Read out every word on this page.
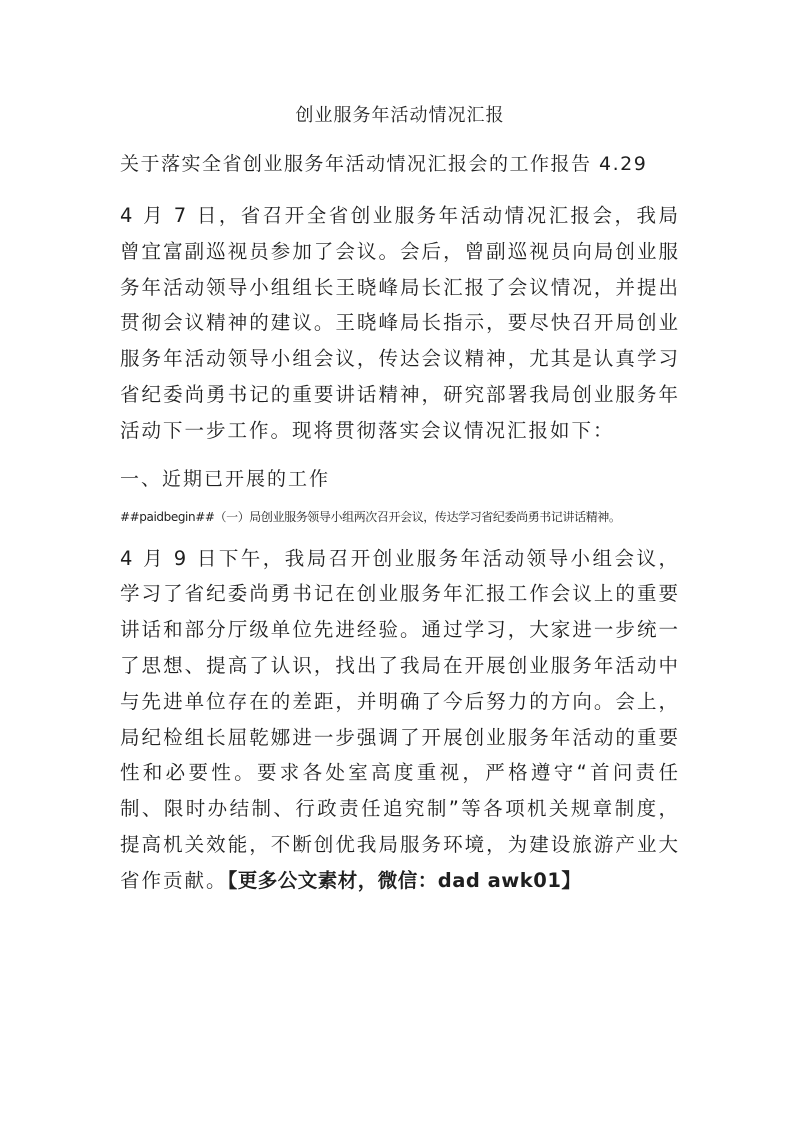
创业服务年活动情况汇报
关于落实全省创业服务年活动情况汇报会的工作报告 4.29

4 月 7 日，省召开全省创业服务年活动情况汇报会，我局曾宜富副巡视员参加了会议。会后，曾副巡视员向局创业服务年活动领导小组组长王晓峰局长汇报了会议情况，并提出贯彻会议精神的建议。王晓峰局长指示，要尽快召开局创业服务年活动领导小组会议，传达会议精神，尤其是认真学习省纪委尚勇书记的重要讲话精神，研究部署我局创业服务年活动下一步工作。现将贯彻落实会议情况汇报如下：

一、近期已开展的工作
##paidbegin##（一）局创业服务领导小组两次召开会议，传达学习省纪委尚勇书记讲话精神。

4 月 9 日下午，我局召开创业服务年活动领导小组会议，学习了省纪委尚勇书记在创业服务年汇报工作会议上的重要讲话和部分厅级单位先进经验。通过学习，大家进一步统一了思想、提高了认识，找出了我局在开展创业服务年活动中与先进单位存在的差距，并明确了今后努力的方向。会上，局纪检组长屈乾娜进一步强调了开展创业服务年活动的重要性和必要性。要求各处室高度重视，严格遵守“首问责任制、限时办结制、行政责任追究制”等各项机关规章制度，提高机关效能，不断创优我局服务环境，为建设旅游产业大省作贡献。【更多公文素材，微信：dad awk01】
